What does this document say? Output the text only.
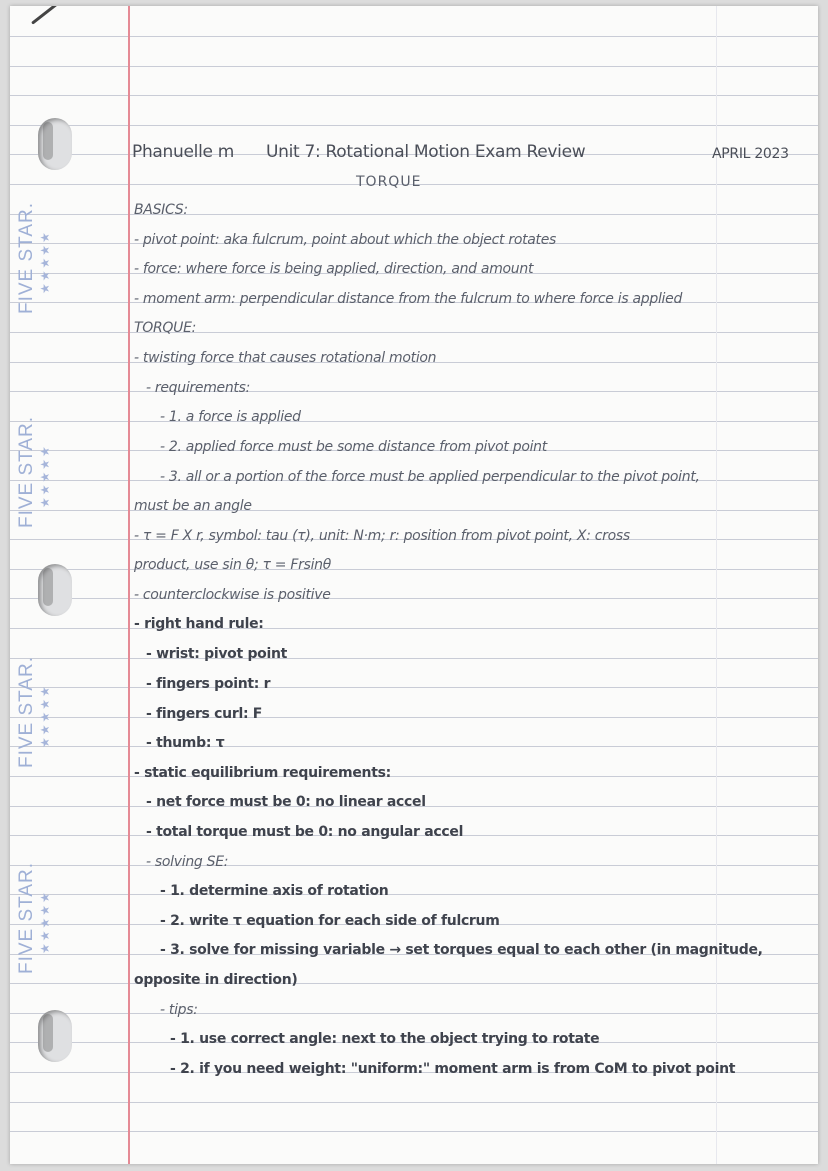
FIVE STAR. ★★★★★
FIVE STAR. ★★★★★
FIVE STAR. ★★★★★
FIVE STAR. ★★★★★
Phanuelle m Unit 7: Rotational Motion Exam Review	APRIL 2023
TORQUE
BASICS:
- pivot point: aka fulcrum, point about which the object rotates
- force: where force is being applied, direction, and amount
- moment arm: perpendicular distance from the fulcrum to where force is applied
TORQUE:
- twisting force that causes rotational motion
- requirements:
- 1. a force is applied
- 2. applied force must be some distance from pivot point
- 3. all or a portion of the force must be applied perpendicular to the pivot point,
must be an angle
- τ = F X r, symbol: tau (τ), unit: N·m; r: position from pivot point, X: cross
product, use sin θ; τ = Frsinθ
- counterclockwise is positive
- right hand rule:
- wrist: pivot point
- fingers point: r
- fingers curl: F
- thumb: τ
- static equilibrium requirements:
- net force must be 0: no linear accel
- total torque must be 0: no angular accel
- solving SE:
- 1. determine axis of rotation
- 2. write τ equation for each side of fulcrum
- 3. solve for missing variable → set torques equal to each other (in magnitude,
opposite in direction)
- tips:
- 1. use correct angle: next to the object trying to rotate
- 2. if you need weight: "uniform:" moment arm is from CoM to pivot point
